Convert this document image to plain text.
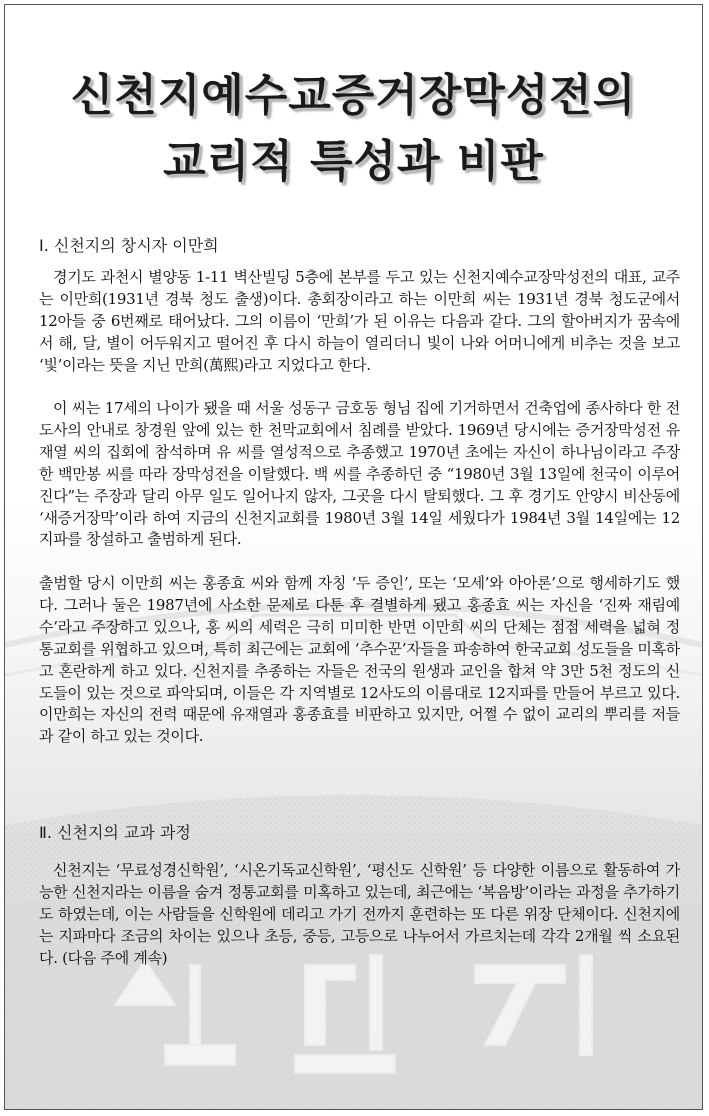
신천지예수교증거장막성전의
교리적 특성과 비판
Ⅰ. 신천지의 창시자 이만희

경기도 과천시 별양동 1-11 벽산빌딩 5층에 본부를 두고 있는 신천지예수교장막성전의 대표, 교주는 이만희(1931년 경북 청도 출생)이다. 총회장이라고 하는 이만희 씨는 1931년 경북 청도군에서 12아들 중 6번째로 태어났다. 그의 이름이 ‘만희’가 된 이유는 다음과 같다. 그의 할아버지가 꿈속에서 해, 달, 별이 어두워지고 떨어진 후 다시 하늘이 열리더니 빛이 나와 어머니에게 비추는 것을 보고 ‘빛’이라는 뜻을 지닌 만희(萬熙)라고 지었다고 한다.

이 씨는 17세의 나이가 됐을 때 서울 성동구 금호동 형님 집에 기거하면서 건축업에 종사하다 한 전도사의 안내로 창경원 앞에 있는 한 천막교회에서 침례를 받았다. 1969년 당시에는 증거장막성전 유재열 씨의 집회에 참석하며 유 씨를 열성적으로 추종했고 1970년 초에는 자신이 하나님이라고 주장한 백만봉 씨를 따라 장막성전을 이탈했다. 백 씨를 추종하던 중 “1980년 3월 13일에 천국이 이루어진다”는 주장과 달리 아무 일도 일어나지 않자, 그곳을 다시 탈퇴했다. 그 후 경기도 안양시 비산동에 ‘새증거장막’이라 하여 지금의 신천지교회를 1980년 3월 14일 세웠다가 1984년 3월 14일에는 12지파를 창설하고 출범하게 된다.

출범할 당시 이만희 씨는 홍종효 씨와 함께 자칭 ‘두 증인’, 또는 ‘모세’와 아아론’으로 행세하기도 했다. 그러나 둘은 1987년에 사소한 문제로 다툰 후 결별하게 됐고 홍종효 씨는 자신을 ‘진짜 재림예수’라고 주장하고 있으나, 홍 씨의 세력은 극히 미미한 반면 이만희 씨의 단체는 점점 세력을 넓혀 정통교회를 위협하고 있으며, 특히 최근에는 교회에 ‘추수꾼’자들을 파송하여 한국교회 성도들을 미혹하고 혼란하게 하고 있다. 신천지를 추종하는 자들은 전국의 원생과 교인을 합쳐 약 3만 5천 정도의 신도들이 있는 것으로 파악되며, 이들은 각 지역별로 12사도의 이름대로 12지파를 만들어 부르고 있다. 이만희는 자신의 전력 때문에 유재열과 홍종효를 비판하고 있지만, 어쩔 수 없이 교리의 뿌리를 저들과 같이 하고 있는 것이다.

Ⅱ. 신천지의 교과 과정

신천지는 ‘무료성경신학원’, ‘시온기독교신학원’, ‘평신도 신학원’ 등 다양한 이름으로 활동하여 가능한 신천지라는 이름을 숨겨 정통교회를 미혹하고 있는데, 최근에는 ‘복음방’이라는 과정을 추가하기도 하였는데, 이는 사람들을 신학원에 데리고 가기 전까지 훈련하는 또 다른 위장 단체이다. 신천지에는 지파마다 조금의 차이는 있으나 초등, 중등, 고등으로 나누어서 가르치는데 각각 2개월 씩 소요된다. (다음 주에 계속)
